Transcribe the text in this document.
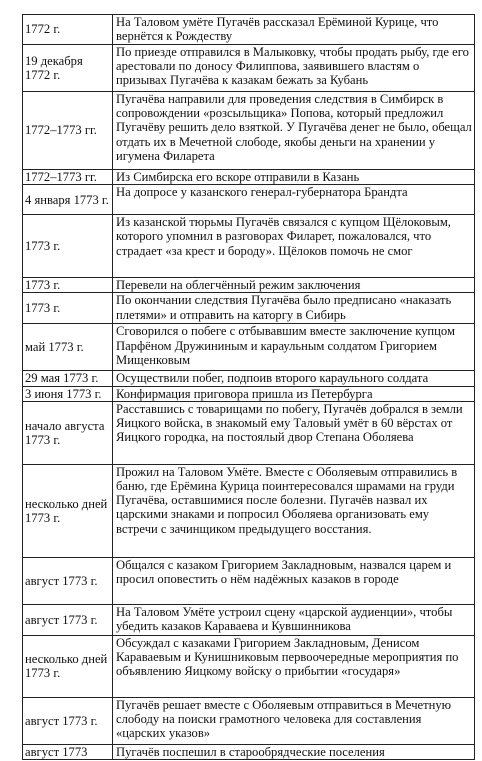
1772 г.	На Таловом умёте Пугачёв рассказал Ерёминой Курице, что вернётся к Рождеству
19 декабря 1772 г.	По приезде отправился в Малыковку, чтобы продать рыбу, где его арестовали по доносу Филиппова, заявившего властям о призывах Пугачёва к казакам бежать за Кубань
1772–1773 гг.	Пугачёва направили для проведения следствия в Симбирск в сопровождении «розсыльщика» Попова, который предложил Пугачёву решить дело взяткой. У Пугачёва денег не было, обещал отдать их в Мечетной слободе, якобы деньги на хранении у игумена Филарета
1772–1773 гг.	Из Симбирска его вскоре отправили в Казань
4 января 1773 г.	На допросе у казанского генерал-губернатора Брандта
1773 г.	Из казанской тюрьмы Пугачёв связался с купцом Щёлоковым, которого упомнил в разговорах Филарет, пожаловался, что страдает «за крест и бороду». Щёлоков помочь не смог
1773 г.	Перевели на облегчённый режим заключения
1773 г.	По окончании следствия Пугачёва было предписано «наказать плетями» и отправить на каторгу в Сибирь
май 1773 г.	Сговорился о побеге с отбывавшим вместе заключение купцом Парфёном Дружининым и караульным солдатом Григорием Мищенковым
29 мая 1773 г.	Осуществили побег, подпоив второго караульного солдата
3 июня 1773 г.	Конфирмация приговора пришла из Петербурга
начало августа 1773 г.	Расставшись с товарищами по побегу, Пугачёв добрался в земли Яицкого войска, в знакомый ему Таловый умёт в 60 вёрстах от Яицкого городка, на постоялый двор Степана Оболяева
несколько дней 1773 г.	Прожил на Таловом Умёте. Вместе с Оболяевым отправились в баню, где Ерёмина Курица поинтересовался шрамами на груди Пугачёва, оставшимися после болезни. Пугачёв назвал их царскими знаками и попросил Оболяева организовать ему встречи с зачинщиком предыдущего восстания.
август 1773 г.	Общался с казаком Григорием Закладновым, назвался царем и просил оповестить о нём надёжных казаков в городе
август 1773 г.	На Таловом Умёте устроил сцену «царской аудиенции», чтобы убедить казаков Караваева и Кувшинникова
несколько дней 1773 г.	Обсуждал с казаками Григорием Закладновым, Денисом Караваевым и Кунишниковым первоочередные мероприятия по объявлению Яицкому войску о прибытии «государя»
август 1773 г.	Пугачёв решает вместе с Оболяевым отправиться в Мечетную слободу на поиски грамотного человека для составления «царских указов»
август 1773	Пугачёв поспешил в старообрядческие поселения
